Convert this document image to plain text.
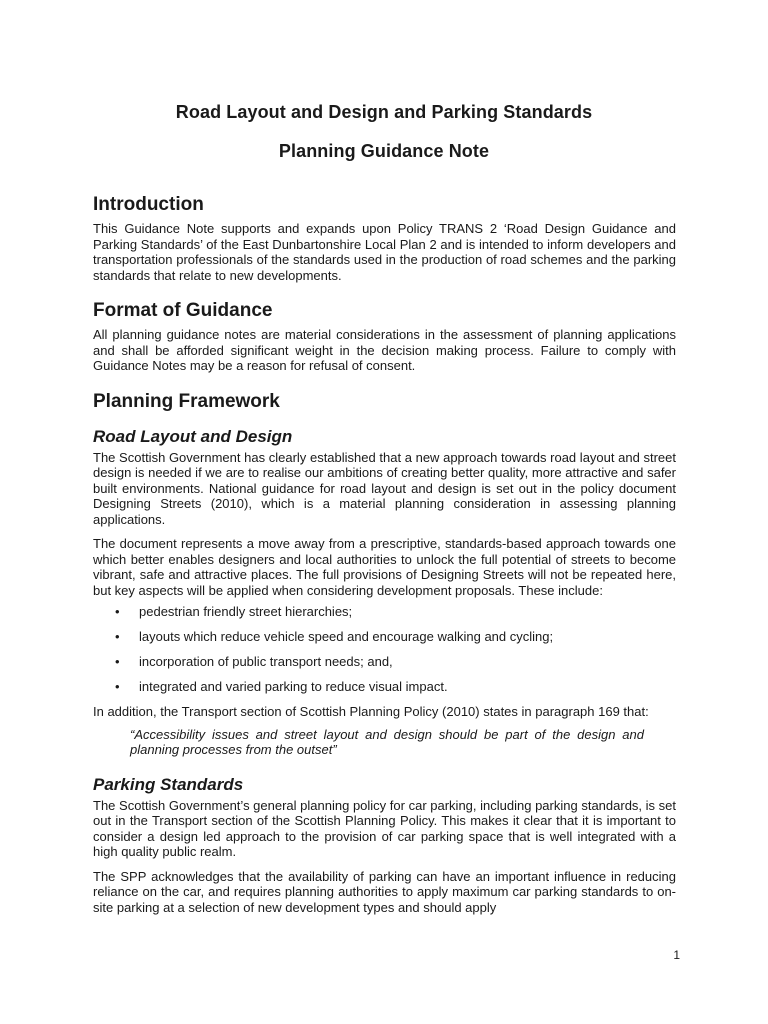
Road Layout and Design and Parking Standards
Planning Guidance Note
Introduction

This Guidance Note supports and expands upon Policy TRANS 2 ‘Road Design Guidance and Parking Standards’ of the East Dunbartonshire Local Plan 2 and is intended to inform developers and transportation professionals of the standards used in the production of road schemes and the parking standards that relate to new developments.

Format of Guidance

All planning guidance notes are material considerations in the assessment of planning applications and shall be afforded significant weight in the decision making process. Failure to comply with Guidance Notes may be a reason for refusal of consent.

Planning Framework
Road Layout and Design

The Scottish Government has clearly established that a new approach towards road layout and street design is needed if we are to realise our ambitions of creating better quality, more attractive and safer built environments. National guidance for road layout and design is set out in the policy document Designing Streets (2010), which is a material planning consideration in assessing planning applications.

The document represents a move away from a prescriptive, standards-based approach towards one which better enables designers and local authorities to unlock the full potential of streets to become vibrant, safe and attractive places. The full provisions of Designing Streets will not be repeated here, but key aspects will be applied when considering development proposals. These include:

• pedestrian friendly street hierarchies;
• layouts which reduce vehicle speed and encourage walking and cycling;
• incorporation of public transport needs; and,
• integrated and varied parking to reduce visual impact.

In addition, the Transport section of Scottish Planning Policy (2010) states in paragraph 169 that:

“Accessibility issues and street layout and design should be part of the design and planning processes from the outset”

Parking Standards

The Scottish Government’s general planning policy for car parking, including parking standards, is set out in the Transport section of the Scottish Planning Policy. This makes it clear that it is important to consider a design led approach to the provision of car parking space that is well integrated with a high quality public realm.

The SPP acknowledges that the availability of parking can have an important influence in reducing reliance on the car, and requires planning authorities to apply maximum car parking standards to on-site parking at a selection of new development types and should apply

1
